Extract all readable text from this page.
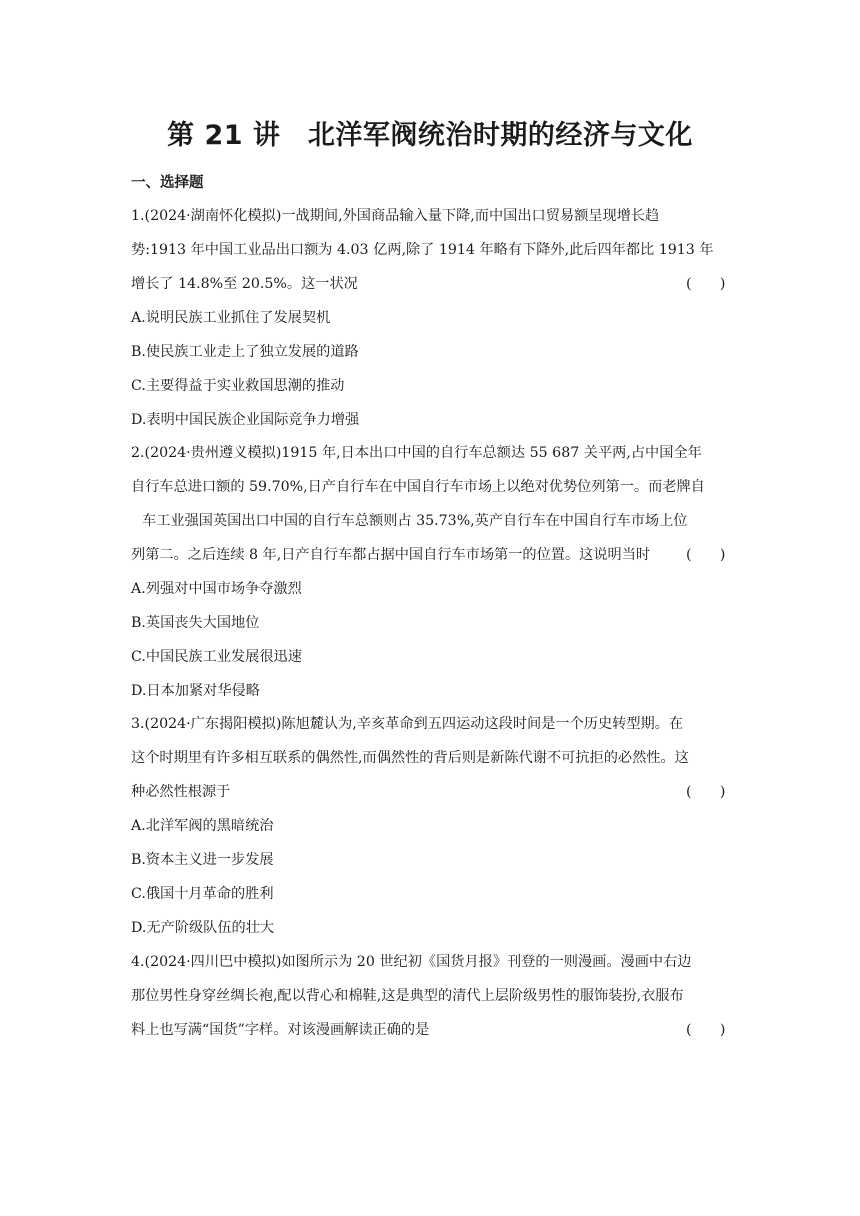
第 21 讲　北洋军阀统治时期的经济与文化
一、选择题
1.(2024·湖南怀化模拟)一战期间,外国商品输入量下降,而中国出口贸易额呈现增长趋
势:1913 年中国工业品出口额为 4.03 亿两,除了 1914 年略有下降外,此后四年都比 1913 年
增长了 14.8%至 20.5%。这一状况	(　　)
A.说明民族工业抓住了发展契机
B.使民族工业走上了独立发展的道路
C.主要得益于实业救国思潮的推动
D.表明中国民族企业国际竞争力增强
2.(2024·贵州遵义模拟)1915 年,日本出口中国的自行车总额达 55 687 关平两,占中国全年
自行车总进口额的 59.70%,日产自行车在中国自行车市场上以绝对优势位列第一。而老牌自
车工业强国英国出口中国的自行车总额则占 35.73%,英产自行车在中国自行车市场上位
列第二。之后连续 8 年,日产自行车都占据中国自行车市场第一的位置。这说明当时	(　　)
A.列强对中国市场争夺激烈
B.英国丧失大国地位
C.中国民族工业发展很迅速
D.日本加紧对华侵略
3.(2024·广东揭阳模拟)陈旭麓认为,辛亥革命到五四运动这段时间是一个历史转型期。在
这个时期里有许多相互联系的偶然性,而偶然性的背后则是新陈代谢不可抗拒的必然性。这
种必然性根源于	(　　)
A.北洋军阀的黑暗统治
B.资本主义进一步发展
C.俄国十月革命的胜利
D.无产阶级队伍的壮大
4.(2024·四川巴中模拟)如图所示为 20 世纪初《国货月报》刊登的一则漫画。漫画中右边
那位男性身穿丝绸长袍,配以背心和棉鞋,这是典型的清代上层阶级男性的服饰装扮,衣服布
料上也写满“国货”字样。对该漫画解读正确的是	(　　)
